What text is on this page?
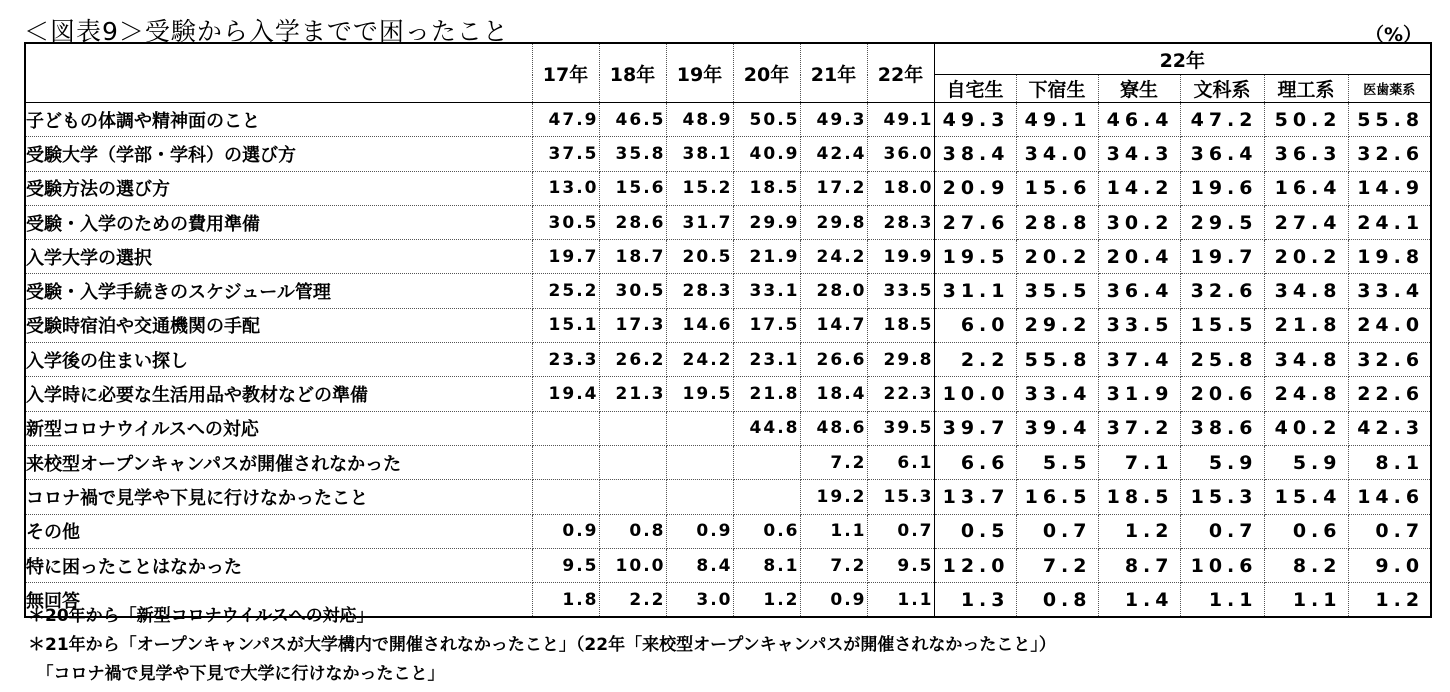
＜図表9＞受験から入学までで困ったこと	（%）
	17年	18年	19年	20年	21年	22年	22年					
							自宅生	下宿生	寮生	文科系	理工系	医歯薬系
子どもの体調や精神面のこと	47.9	46.5	48.9	50.5	49.3	49.1	49.3	49.1	46.4	47.2	50.2	55.8
受験大学（学部・学科）の選び方	37.5	35.8	38.1	40.9	42.4	36.0	38.4	34.0	34.3	36.4	36.3	32.6
受験方法の選び方	13.0	15.6	15.2	18.5	17.2	18.0	20.9	15.6	14.2	19.6	16.4	14.9
受験・入学のための費用準備	30.5	28.6	31.7	29.9	29.8	28.3	27.6	28.8	30.2	29.5	27.4	24.1
入学大学の選択	19.7	18.7	20.5	21.9	24.2	19.9	19.5	20.2	20.4	19.7	20.2	19.8
受験・入学手続きのスケジュール管理	25.2	30.5	28.3	33.1	28.0	33.5	31.1	35.5	36.4	32.6	34.8	33.4
受験時宿泊や交通機関の手配	15.1	17.3	14.6	17.5	14.7	18.5	6.0	29.2	33.5	15.5	21.8	24.0
入学後の住まい探し	23.3	26.2	24.2	23.1	26.6	29.8	2.2	55.8	37.4	25.8	34.8	32.6
入学時に必要な生活用品や教材などの準備	19.4	21.3	19.5	21.8	18.4	22.3	10.0	33.4	31.9	20.6	24.8	22.6
新型コロナウイルスへの対応				44.8	48.6	39.5	39.7	39.4	37.2	38.6	40.2	42.3
来校型オープンキャンパスが開催されなかった					7.2	6.1	6.6	5.5	7.1	5.9	5.9	8.1
コロナ禍で見学や下見に行けなかったこと					19.2	15.3	13.7	16.5	18.5	15.3	15.4	14.6
その他	0.9	0.8	0.9	0.6	1.1	0.7	0.5	0.7	1.2	0.7	0.6	0.7
特に困ったことはなかった	9.5	10.0	8.4	8.1	7.2	9.5	12.0	7.2	8.7	10.6	8.2	9.0
無回答	1.8	2.2	3.0	1.2	0.9	1.1	1.3	0.8	1.4	1.1	1.1	1.2
＊20年から「新型コロナウイルスへの対応」
＊21年から「オープンキャンパスが大学構内で開催されなかったこと」（22年「来校型オープンキャンパスが開催されなかったこと」）
　「コロナ禍で見学や下見で大学に行けなかったこと」
